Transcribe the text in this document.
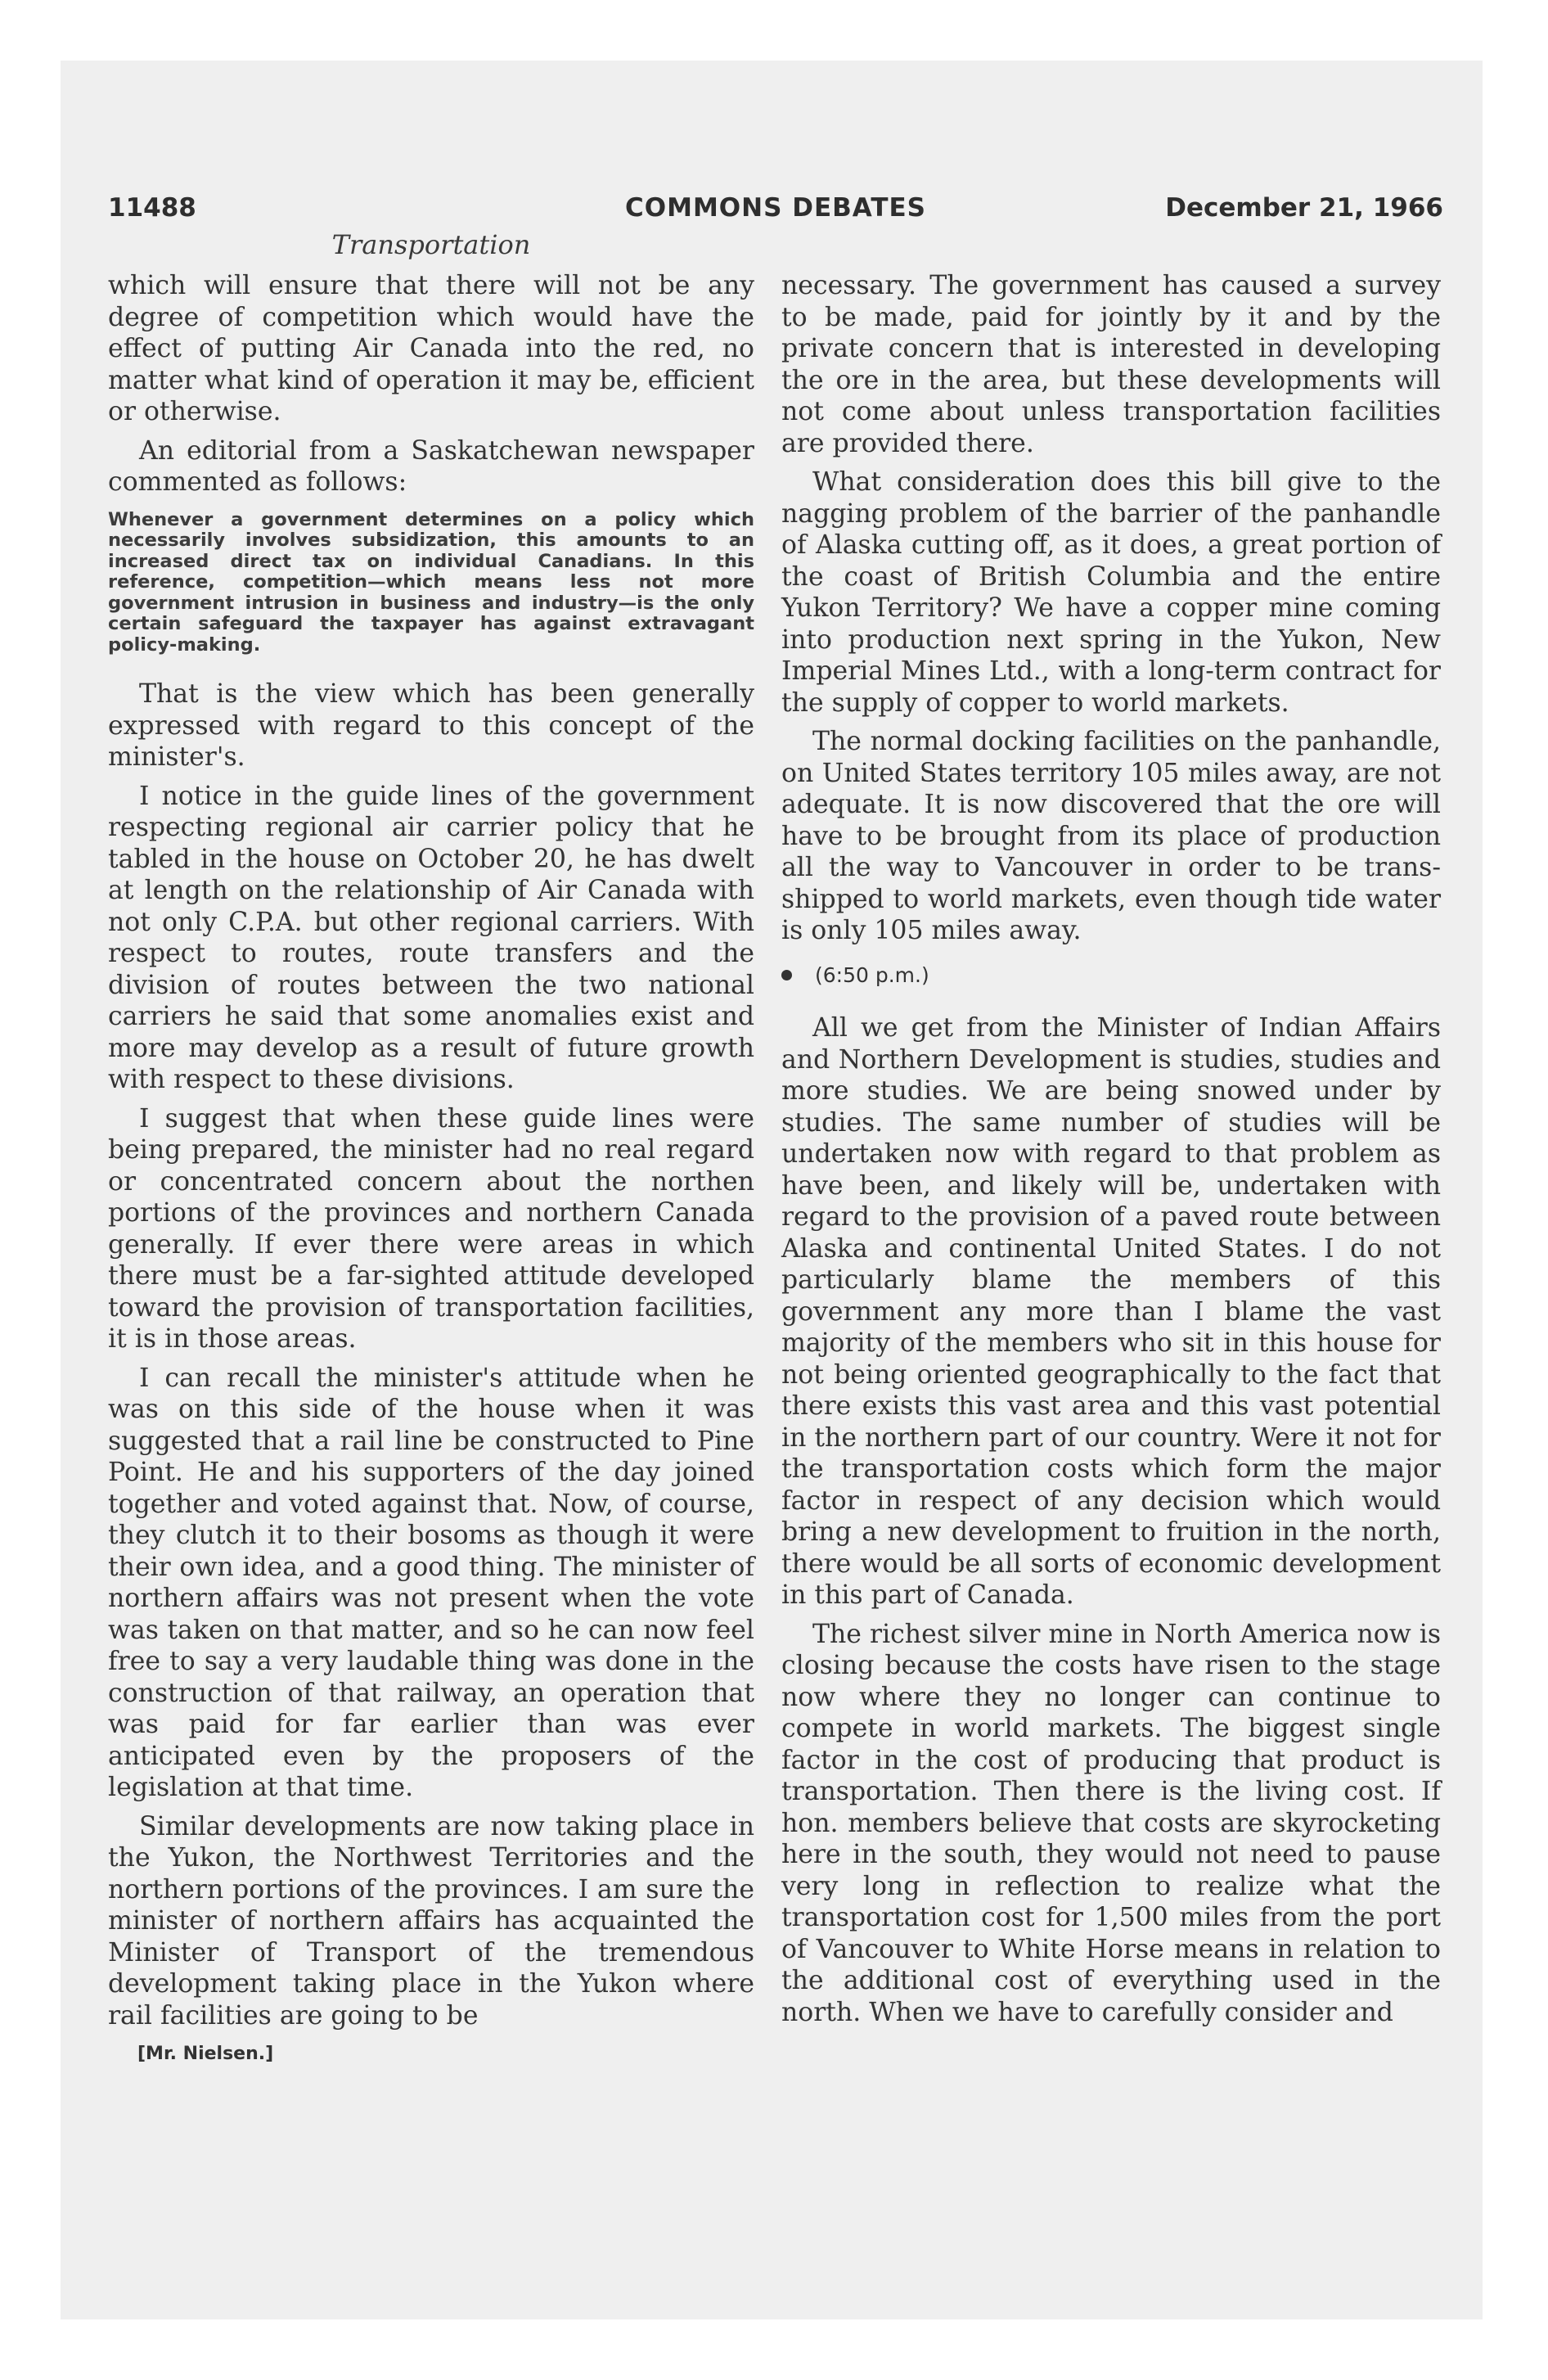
11488	COMMONS DEBATES	December 21, 1966
Transportation

which will ensure that there will not be any degree of competition which would have the effect of putting Air Canada into the red, no matter what kind of operation it may be, efficient or otherwise.

An editorial from a Saskatchewan newspaper commented as follows:

Whenever a government determines on a policy which necessarily involves subsidization, this amounts to an increased direct tax on individual Canadians. In this reference, competition—which means less not more government intrusion in business and industry—is the only certain safeguard the taxpayer has against extravagant policy-making.

That is the view which has been generally expressed with regard to this concept of the minister's.

I notice in the guide lines of the government respecting regional air carrier policy that he tabled in the house on October 20, he has dwelt at length on the relationship of Air Canada with not only C.P.A. but other regional carriers. With respect to routes, route transfers and the division of routes between the two national carriers he said that some anomalies exist and more may develop as a result of future growth with respect to these divisions.

I suggest that when these guide lines were being prepared, the minister had no real regard or concentrated concern about the northen portions of the provinces and northern Canada generally. If ever there were areas in which there must be a far-sighted attitude developed toward the provision of transportation facilities, it is in those areas.

I can recall the minister's attitude when he was on this side of the house when it was suggested that a rail line be constructed to Pine Point. He and his supporters of the day joined together and voted against that. Now, of course, they clutch it to their bosoms as though it were their own idea, and a good thing. The minister of northern affairs was not present when the vote was taken on that matter, and so he can now feel free to say a very laudable thing was done in the construction of that railway, an operation that was paid for far earlier than was ever anticipated even by the proposers of the legislation at that time.

Similar developments are now taking place in the Yukon, the Northwest Territories and the northern portions of the provinces. I am sure the minister of northern affairs has acquainted the Minister of Transport of the tremendous development taking place in the Yukon where rail facilities are going to be

[Mr. Nielsen.]

necessary. The government has caused a survey to be made, paid for jointly by it and by the private concern that is interested in developing the ore in the area, but these developments will not come about unless transportation facilities are provided there.

What consideration does this bill give to the nagging problem of the barrier of the panhandle of Alaska cutting off, as it does, a great portion of the coast of British Columbia and the entire Yukon Territory? We have a copper mine coming into production next spring in the Yukon, New Imperial Mines Ltd., with a long-term contract for the supply of copper to world markets.

The normal docking facilities on the panhandle, on United States territory 105 miles away, are not adequate. It is now discovered that the ore will have to be brought from its place of production all the way to Vancouver in order to be trans-shipped to world markets, even though tide water is only 105 miles away.

(6:50 p.m.)

All we get from the Minister of Indian Affairs and Northern Development is studies, studies and more studies. We are being snowed under by studies. The same number of studies will be undertaken now with regard to that problem as have been, and likely will be, undertaken with regard to the provision of a paved route between Alaska and continental United States. I do not particularly blame the members of this government any more than I blame the vast majority of the members who sit in this house for not being oriented geographically to the fact that there exists this vast area and this vast potential in the northern part of our country. Were it not for the transportation costs which form the major factor in respect of any decision which would bring a new development to fruition in the north, there would be all sorts of economic development in this part of Canada.

The richest silver mine in North America now is closing because the costs have risen to the stage now where they no longer can continue to compete in world markets. The biggest single factor in the cost of producing that product is transportation. Then there is the living cost. If hon. members believe that costs are skyrocketing here in the south, they would not need to pause very long in reflection to realize what the transportation cost for 1,500 miles from the port of Vancouver to White Horse means in relation to the additional cost of everything used in the north. When we have to carefully consider and
